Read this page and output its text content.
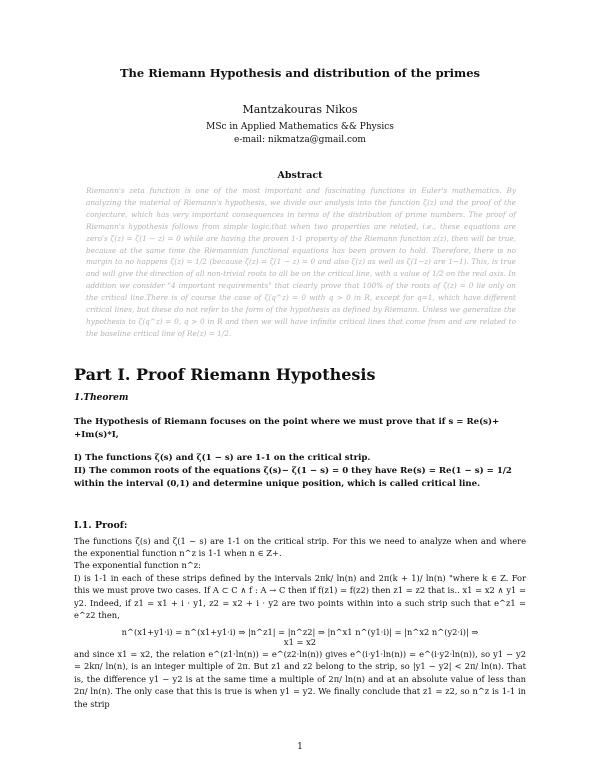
The Riemann Hypothesis and distribution of the primes
Mantzakouras Nikos
MSc in Applied Mathematics && Physics
e-mail: nikmatza@gmail.com
Abstract

Riemann's zeta function is one of the most important and fascinating functions in Euler's mathematics. By analyzing the material of Riemann's hypothesis, we divide our analysis into the function ζ(z) and the proof of the conjecture, which has very important consequences in terms of the distribution of prime numbers. The proof of Riemann's hypothesis follows from simple logic,that when two properties are related, i.e., these equations are zero's ζ(z) = ζ(1 − z) = 0 while are having the proven 1-1 property of the Riemann function z(z), then will be true, because at the same time the Riemannian functional equations has been proven to hold. Therefore, there is no margin to no happens ζ(z) = 1/2 (because ζ(z) = ζ(1 − z) = 0 and also ζ(z) as well as ζ(1−z) are 1−1). This, is true and will give the direction of all non-trivial roots to all be on the critical line, with a value of 1/2 on the real axis. In addition we consider "4 important requirements" that clearly prove that 100% of the roots of ζ(z) = 0 lie only on the critical line.There is of course the case of ζ(q^z) = 0 with q > 0 in R, except for q=1, which have different critical lines, but these do not refer to the form of the hypothesis as defined by Riemann. Unless we generalize the hypothesis to ζ(q^z) = 0, q > 0 in R and then we will have infinite critical lines that come from and are related to the baseline critical line of Re(z) = 1/2.

Part I. Proof Riemann Hypothesis
1.Theorem

The Hypothesis of Riemann focuses on the point where we must prove that if s = Re(s)+ +Im(s)*I,

I) The functions ζ(s) and ζ(1 − s) are 1-1 on the critical strip.

II) The common roots of the equations ζ(s)− ζ(1 − s) = 0 they have Re(s) = Re(1 − s) = 1/2 within the interval (0,1) and determine unique position, which is called critical line.

I.1. Proof:

The functions ζ(s) and ζ(1 − s) are 1-1 on the critical strip. For this we need to analyze when and where the exponential function n^z is 1-1 when n ∈ Z+.

The exponential function n^z:

I) is 1-1 in each of these strips defined by the intervals 2πk/ ln(n) and 2π(k + 1)/ ln(n) "where k ∈ Z. For this we must prove two cases. If A ⊂ C ∧ f : A → C then if f(z1) = f(z2) then z1 = z2 that is.. x1 = x2 ∧ y1 = y2. Indeed, if z1 = x1 + i · y1, z2 = x2 + i · y2 are two points within into a such strip such that e^z1 = e^z2 then,

n^(x1+y1·i) = n^(x1+y1·i) ⇒ |n^z1| = |n^z2| ⇒ |n^x1 n^(y1·i)| = |n^x2 n^(y2·i)| ⇒ x1 = x2

and since x1 = x2, the relation e^(z1·ln(n)) = e^(z2·ln(n)) gives e^(i·y1·ln(n)) = e^(i·y2·ln(n)), so y1 − y2 = 2kπ/ ln(n), is an integer multiple of 2π. But z1 and z2 belong to the strip, so |y1 − y2| < 2π/ ln(n). That is, the difference y1 − y2 is at the same time a multiple of 2π/ ln(n) and at an absolute value of less than 2π/ ln(n). The only case that this is true is when y1 = y2. We finally conclude that z1 = z2, so n^z is 1-1 in the strip

1
